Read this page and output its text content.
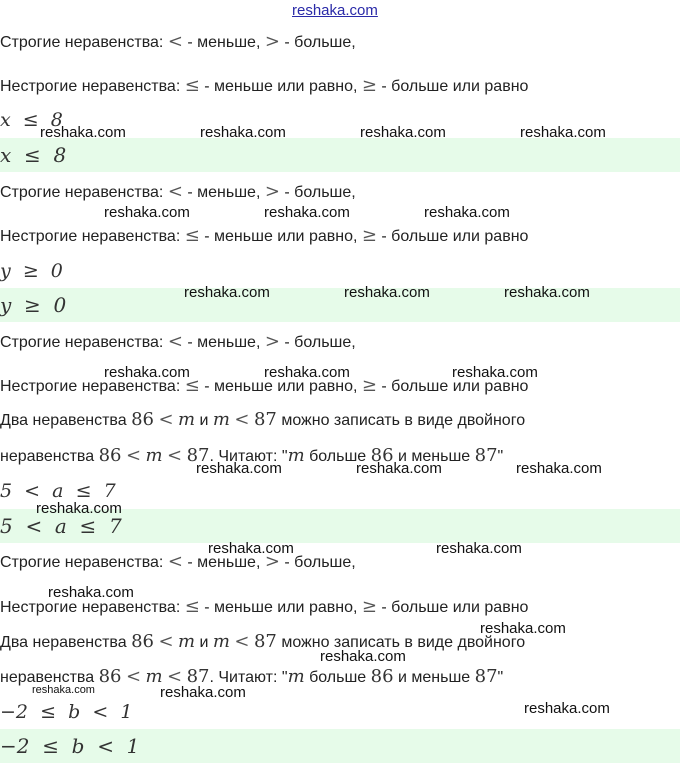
reshaka.com
Строгие неравенства: < - меньше, > - больше,
Нестрогие неравенства: ≤ - меньше или равно, ≥ - больше или равно
x  ≤  8
x  ≤  8
Строгие неравенства: < - меньше, > - больше,
Нестрогие неравенства: ≤ - меньше или равно, ≥ - больше или равно
y  ≥  0
y  ≥  0
Строгие неравенства: < - меньше, > - больше,
Нестрогие неравенства: ≤ - меньше или равно, ≥ - больше или равно
Два неравенства 86 < m и m < 87 можно записать в виде двойного
неравенства 86 < m < 87. Читают: "m больше 86 и меньше 87"
5  <  a  ≤  7
5  <  a  ≤  7
Строгие неравенства: < - меньше, > - больше,
Нестрогие неравенства: ≤ - меньше или равно, ≥ - больше или равно
Два неравенства 86 < m и m < 87 можно записать в виде двойного
неравенства 86 < m < 87. Читают: "m больше 86 и меньше 87"
−2  ≤  b  <  1
−2  ≤  b  <  1
reshaka.com	reshaka.com	reshaka.com	reshaka.com
reshaka.com	reshaka.com	reshaka.com
reshaka.com	reshaka.com	reshaka.com
reshaka.com	reshaka.com	reshaka.com
reshaka.com	reshaka.com	reshaka.com
reshaka.com
reshaka.com	reshaka.com
reshaka.com
reshaka.com
reshaka.com
reshaka.com	reshaka.com
reshaka.com
